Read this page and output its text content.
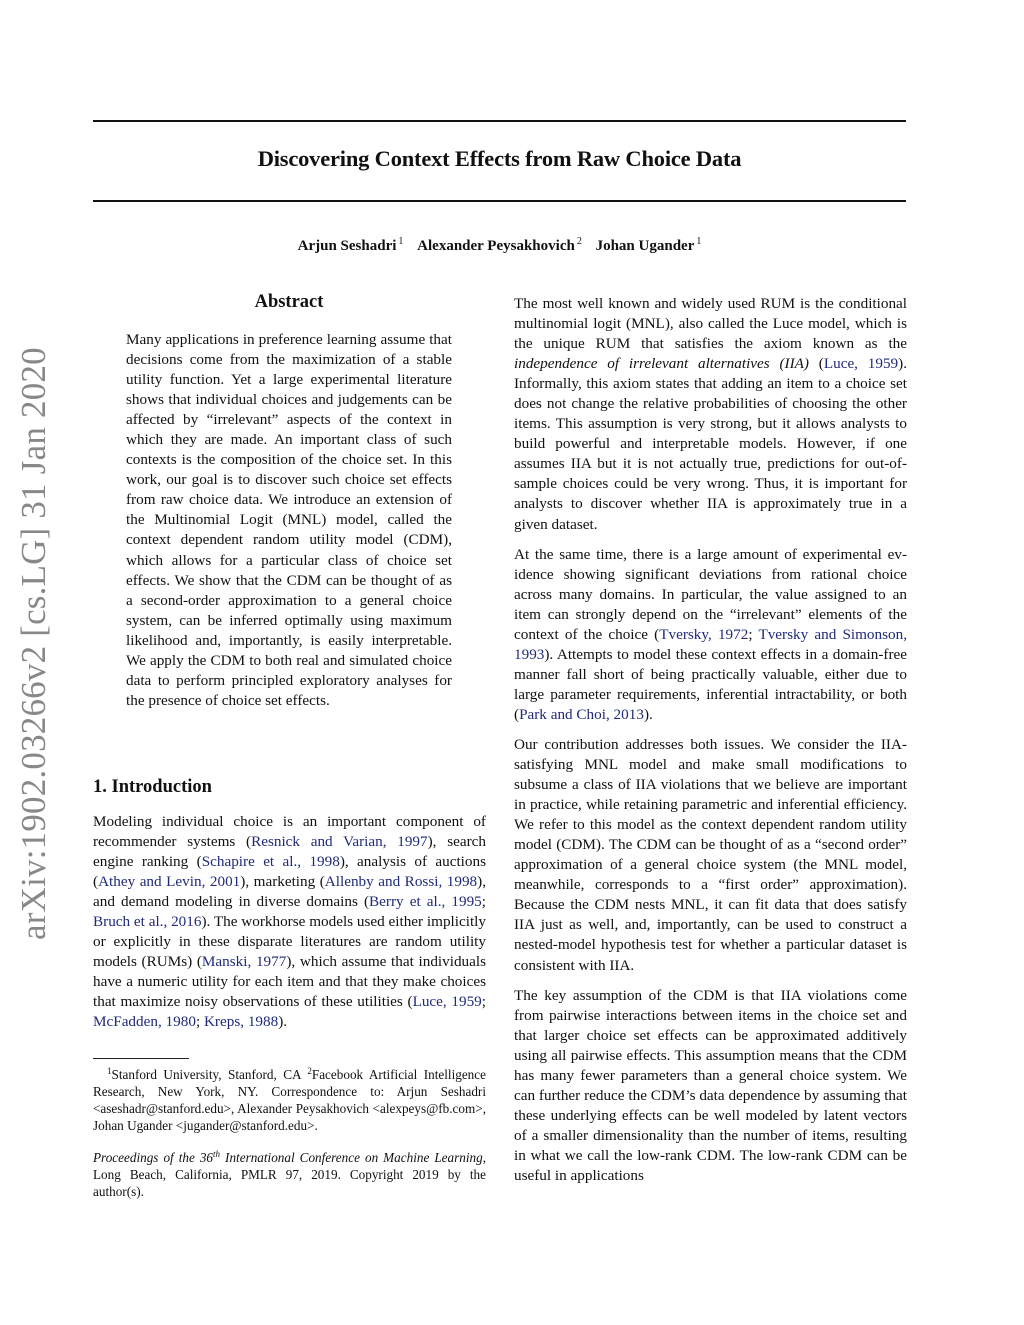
arXiv:1902.03266v2 [cs.LG] 31 Jan 2020
Discovering Context Effects from Raw Choice Data
Arjun Seshadri $^1$ Alexander Peysakhovich $^2$ Johan Ugander $^1$
Abstract

Many applications in preference learning assume that decisions come from the maximization of a stable utility function. Yet a large experimental literature shows that individual choices and judgements can be affected by “irrelevant” aspects of the context in which they are made. An important class of such contexts is the composition of the choice set. In this work, our goal is to discover such choice set effects from raw choice data. We introduce an extension of the Multinomial Logit (MNL) model, called the context dependent random utility model (CDM), which allows for a particular class of choice set effects. We show that the CDM can be thought of as a second-order approximation to a general choice system, can be inferred optimally using maximum likelihood and, importantly, is easily interpretable. We apply the CDM to both real and simulated choice data to perform principled exploratory analyses for the presence of choice set effects.

1. Introduction

Modeling individual choice is an important component of recommender systems (Resnick and Varian, 1997), search engine ranking (Schapire et al., 1998), analysis of auctions (Athey and Levin, 2001), marketing (Allenby and Rossi, 1998), and demand modeling in diverse domains (Berry et al., 1995; Bruch et al., 2016). The workhorse models used either implicitly or explicitly in these disparate literatures are random utility models (RUMs) (Manski, 1977), which assume that individuals have a numeric utility for each item and that they make choices that maximize noisy observations of these utilities (Luce, 1959; McFadden, 1980; Kreps, 1988).

$^1$Stanford University, Stanford, CA $^2$Facebook Artificial Intelligence Research, New York, NY. Correspondence to: Arjun Seshadri <aseshadr@stanford.edu>, Alexander Peysakhovich <alexpeys@fb.com>, Johan Ugander <jugander@stanford.edu>.

Proceedings of the 36th International Conference on Machine Learning, Long Beach, California, PMLR 97, 2019. Copyright 2019 by the author(s).

The most well known and widely used RUM is the conditional multinomial logit (MNL), also called the Luce model, which is the unique RUM that satisfies the axiom known as the independence of irrelevant alternatives (IIA) (Luce, 1959). Informally, this axiom states that adding an item to a choice set does not change the relative probabilities of choosing the other items. This assumption is very strong, but it allows analysts to build powerful and interpretable models. However, if one assumes IIA but it is not actually true, predictions for out-of-sample choices could be very wrong. Thus, it is important for analysts to discover whether IIA is approximately true in a given dataset.

At the same time, there is a large amount of experimental evidence showing significant deviations from rational choice across many domains. In particular, the value assigned to an item can strongly depend on the “irrelevant” elements of the context of the choice (Tversky, 1972; Tversky and Simonson, 1993). Attempts to model these context effects in a domain-free manner fall short of being practically valuable, either due to large parameter requirements, inferential intractability, or both (Park and Choi, 2013).

Our contribution addresses both issues. We consider the IIA-satisfying MNL model and make small modifications to subsume a class of IIA violations that we believe are important in practice, while retaining parametric and inferential efficiency. We refer to this model as the context dependent random utility model (CDM). The CDM can be thought of as a “second order” approximation of a general choice system (the MNL model, meanwhile, corresponds to a “first order” approximation). Because the CDM nests MNL, it can fit data that does satisfy IIA just as well, and, importantly, can be used to construct a nested-model hypothesis test for whether a particular dataset is consistent with IIA.

The key assumption of the CDM is that IIA violations come from pairwise interactions between items in the choice set and that larger choice set effects can be approximated additively using all pairwise effects. This assumption means that the CDM has many fewer parameters than a general choice system. We can further reduce the CDM’s data dependence by assuming that these underlying effects can be well modeled by latent vectors of a smaller dimensionality than the number of items, resulting in what we call the low-rank CDM. The low-rank CDM can be useful in applications
